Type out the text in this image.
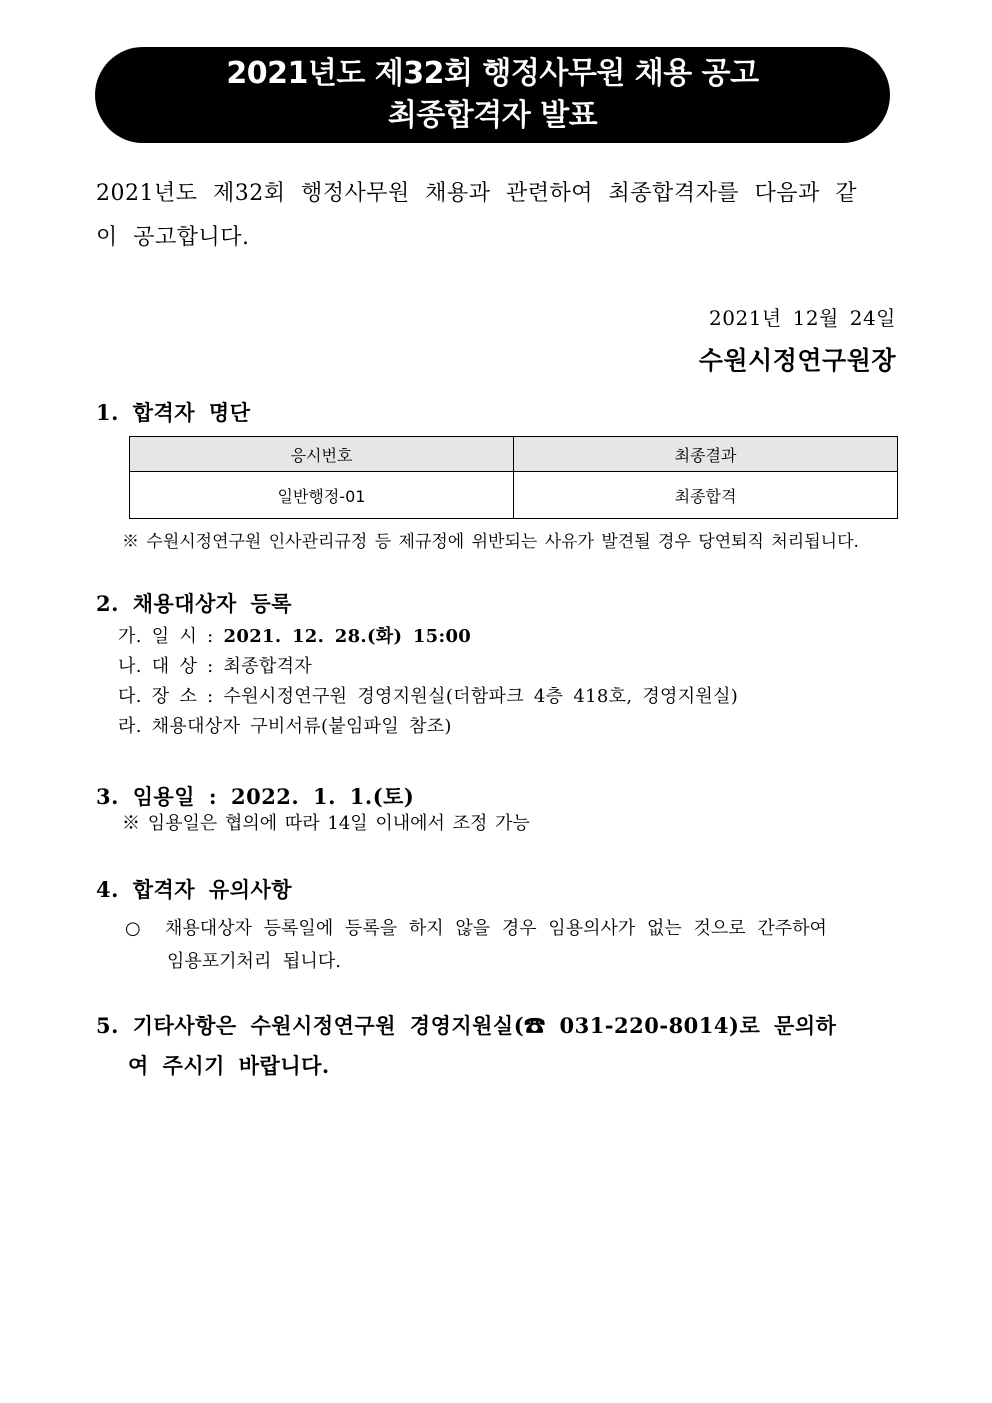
2021년도 제32회 행정사무원 채용 공고
최종합격자 발표
2021년도 제32회 행정사무원 채용과 관련하여 최종합격자를 다음과 같
이 공고합니다.
2021년 12월 24일
수원시정연구원장
1. 합격자 명단
응시번호	최종결과
일반행정-01	최종합격
※ 수원시정연구원 인사관리규정 등 제규정에 위반되는 사유가 발견될 경우 당연퇴직 처리됩니다.
2. 채용대상자 등록
가. 일 시 : 2021. 12. 28.(화) 15:00
나. 대 상 : 최종합격자
다. 장 소 : 수원시정연구원 경영지원실(더함파크 4층 418호, 경영지원실)
라. 채용대상자 구비서류(붙임파일 참조)
3. 임용일 : 2022. 1. 1.(토)
※ 임용일은 협의에 따라 14일 이내에서 조정 가능
4. 합격자 유의사항
○ 채용대상자 등록일에 등록을 하지 않을 경우 임용의사가 없는 것으로 간주하여
임용포기처리 됩니다.
5. 기타사항은 수원시정연구원 경영지원실(☎ 031-220-8014)로 문의하
여 주시기 바랍니다.
